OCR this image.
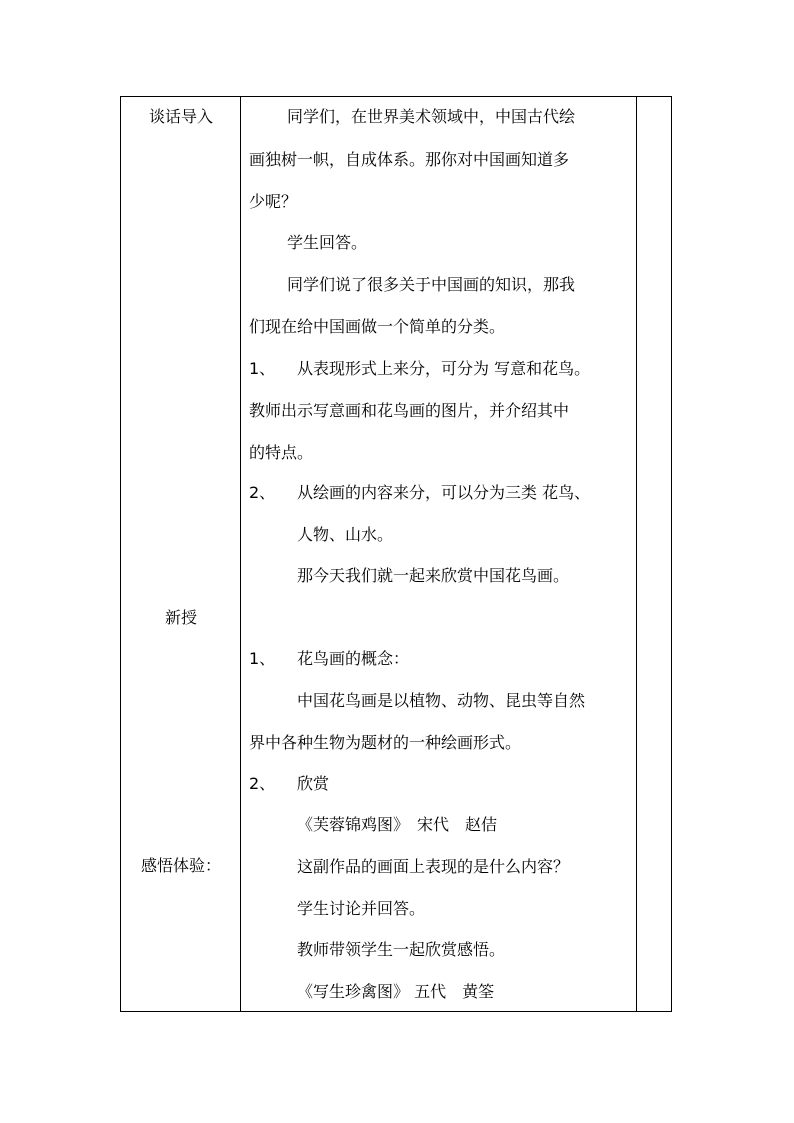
谈话导入
新授
感悟体验：
同学们，在世界美术领域中，中国古代绘
画独树一帜，自成体系。那你对中国画知道多
少呢？
学生回答。
同学们说了很多关于中国画的知识，那我
们现在给中国画做一个简单的分类。
1、 从表现形式上来分，可分为 写意和花鸟。
教师出示写意画和花鸟画的图片，并介绍其中
的特点。
2、 从绘画的内容来分，可以分为三类 花鸟、
人物、山水。
那今天我们就一起来欣赏中国花鸟画。
1、 花鸟画的概念：
中国花鸟画是以植物、动物、昆虫等自然
界中各种生物为题材的一种绘画形式。
2、 欣赏
《芙蓉锦鸡图》　宋代　赵佶
这副作品的画面上表现的是什么内容？
学生讨论并回答。
教师带领学生一起欣赏感悟。
《写生珍禽图》 五代　黄筌
